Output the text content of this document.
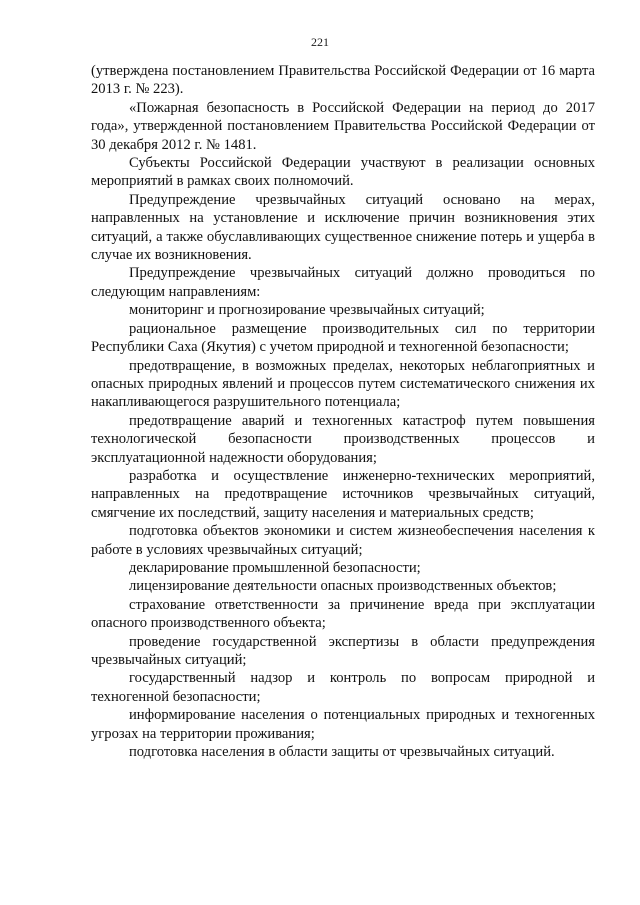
221

(утверждена постановлением Правительства Российской Федерации от 16 марта 2013 г. № 223).

«Пожарная безопасность в Российской Федерации на период до 2017 года», утвержденной постановлением Правительства Российской Федерации от 30 декабря 2012 г. № 1481.

Субъекты Российской Федерации участвуют в реализации основных мероприятий в рамках своих полномочий.

Предупреждение чрезвычайных ситуаций основано на мерах, направленных на установление и исключение причин возникновения этих ситуаций, а также обуславливающих существенное снижение потерь и ущерба в случае их возникновения.

Предупреждение чрезвычайных ситуаций должно проводиться по следующим направлениям:

мониторинг и прогнозирование чрезвычайных ситуаций;

рациональное размещение производительных сил по территории Республики Саха (Якутия) с учетом природной и техногенной безопасности;

предотвращение, в возможных пределах, некоторых неблагоприятных и опасных природных явлений и процессов путем систематического снижения их накапливающегося разрушительного потенциала;

предотвращение аварий и техногенных катастроф путем повышения технологической безопасности производственных процессов и эксплуатационной надежности оборудования;

разработка и осуществление инженерно-технических мероприятий, направленных на предотвращение источников чрезвычайных ситуаций, смягчение их последствий, защиту населения и материальных средств;

подготовка объектов экономики и систем жизнеобеспечения населения к работе в условиях чрезвычайных ситуаций;

декларирование промышленной безопасности;

лицензирование деятельности опасных производственных объектов;

страхование ответственности за причинение вреда при эксплуатации опасного производственного объекта;

проведение государственной экспертизы в области предупреждения чрезвычайных ситуаций;

государственный надзор и контроль по вопросам природной и техногенной безопасности;

информирование населения о потенциальных природных и техногенных угрозах на территории проживания;

подготовка населения в области защиты от чрезвычайных ситуаций.
